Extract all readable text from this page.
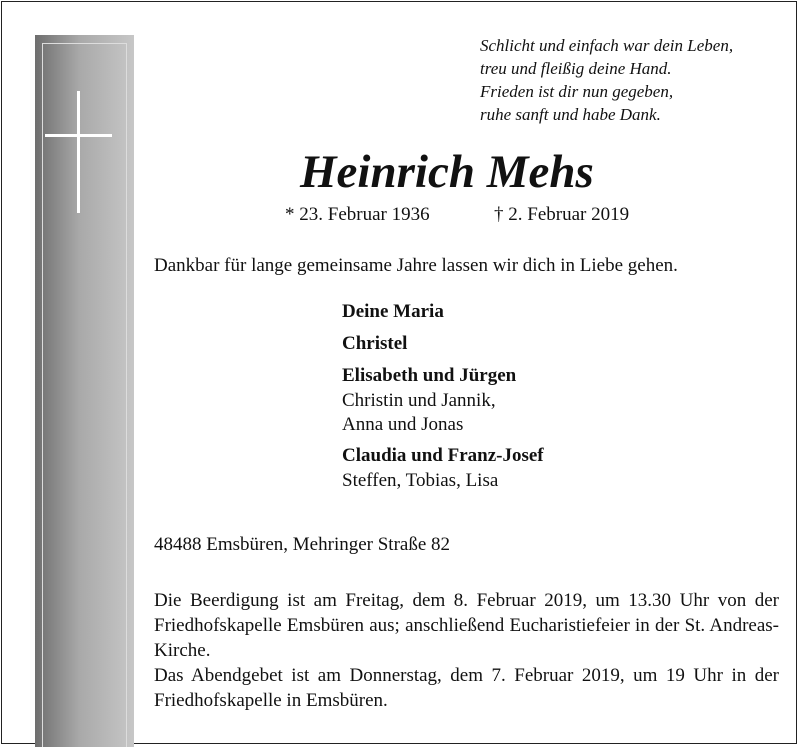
Schlicht und einfach war dein Leben,
treu und fleißig deine Hand.
Frieden ist dir nun gegeben,
ruhe sanft und habe Dank.
Heinrich Mehs
* 23. Februar 1936	† 2. Februar 2019
Dankbar für lange gemeinsame Jahre lassen wir dich in Liebe gehen.
Deine Maria
Christel
Elisabeth und Jürgen
Christin und Jannik,
Anna und Jonas
Claudia und Franz-Josef
Steffen, Tobias, Lisa
48488 Emsbüren, Mehringer Straße 82
Die Beerdigung ist am Freitag, dem 8. Februar 2019, um 13.30 Uhr von der Friedhofskapelle Emsbüren aus; anschließend Eucharistiefeier in der St. Andreas-Kirche.
Das Abendgebet ist am Donnerstag, dem 7. Februar 2019, um 19 Uhr in der Friedhofskapelle in Emsbüren.
